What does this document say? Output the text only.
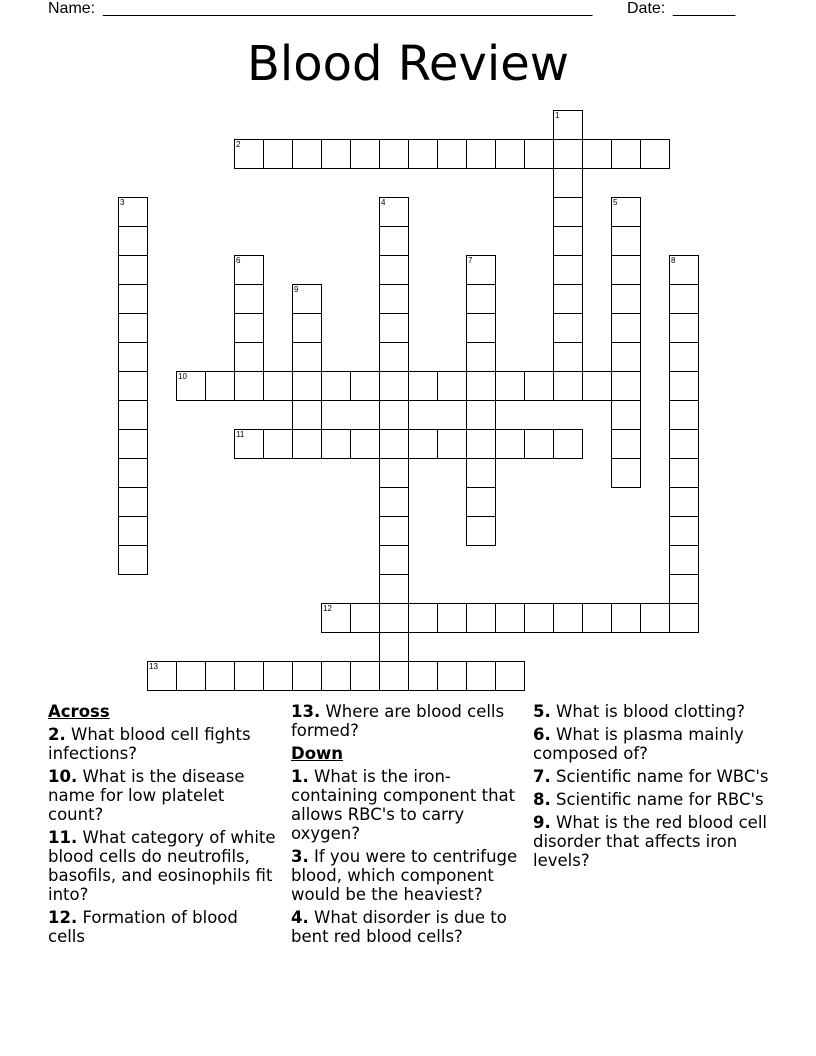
Name: _______________________________________________________ Date: _______
Blood Review
2
10
11
12
13
1
3	4	5
6	7	8
9
Across
2. What blood cell fights infections?
10. What is the disease name for low platelet count?
11. What category of white blood cells do neutrofils, basofils, and eosinophils fit into?
12. Formation of blood cells
13. Where are blood cells formed?
Down
1. What is the iron-containing component that allows RBC's to carry oxygen?
3. If you were to centrifuge blood, which component would be the heaviest?
4. What disorder is due to bent red blood cells?
5. What is blood clotting?
6. What is plasma mainly composed of?
7. Scientific name for WBC's
8. Scientific name for RBC's
9. What is the red blood cell disorder that affects iron levels?
